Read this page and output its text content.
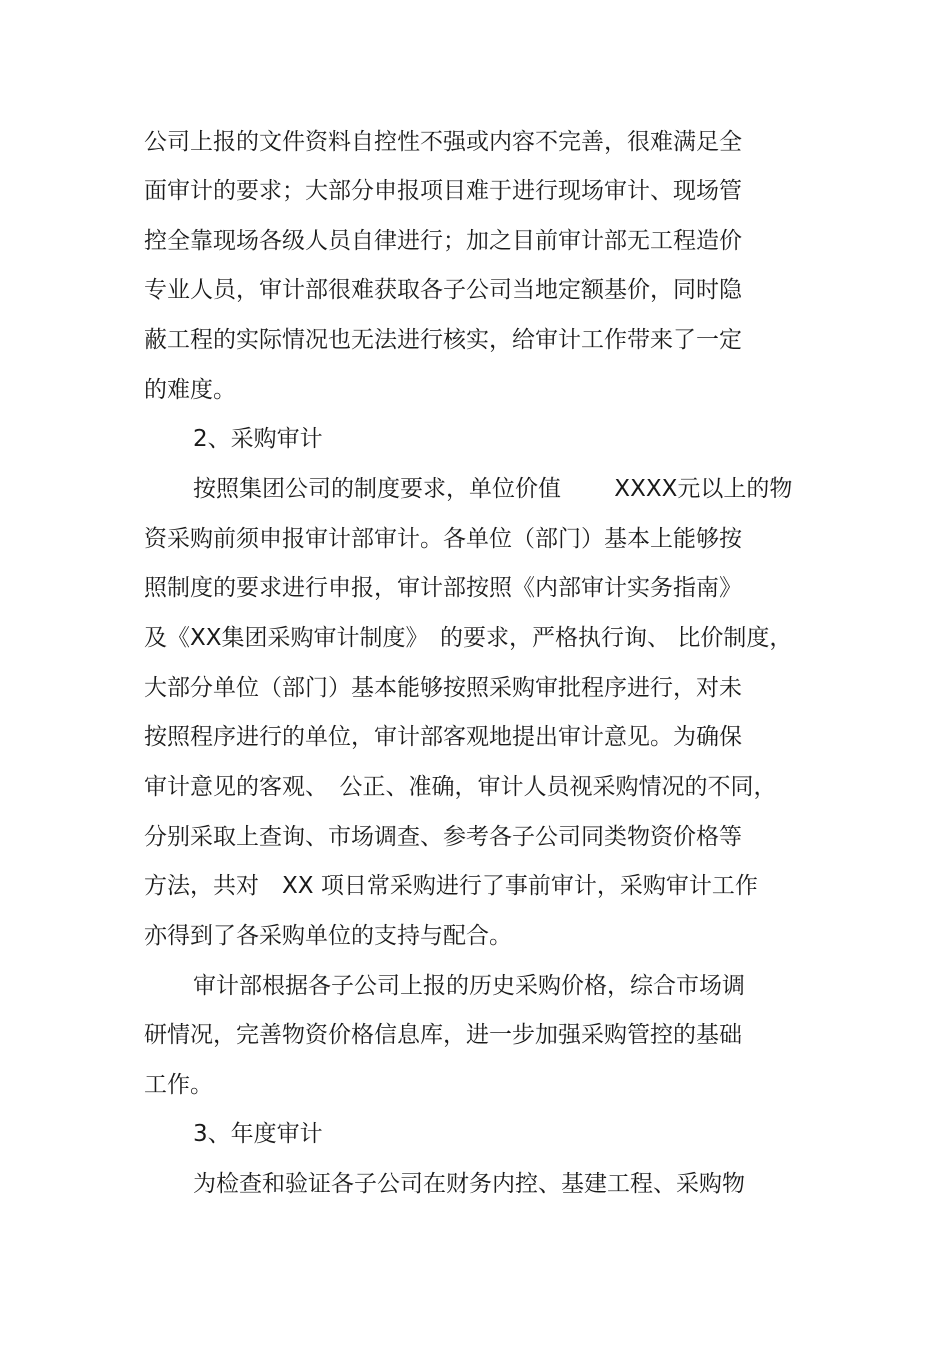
公司上报的文件资料自控性不强或内容不完善，很难满足全
面审计的要求；大部分申报项目难于进行现场审计、现场管
控全靠现场各级人员自律进行；加之目前审计部无工程造价
专业人员，审计部很难获取各子公司当地定额基价，同时隐
蔽工程的实际情况也无法进行核实，给审计工作带来了一定
的难度。
2、采购审计
按照集团公司的制度要求，单位价值　　 XXXX元以上的物
资采购前须申报审计部审计。各单位（部门）基本上能够按
照制度的要求进行申报，审计部按照《内部审计实务指南》
及《XX集团采购审计制度》　的要求，严格执行询、 比价制度，
大部分单位（部门）基本能够按照采购审批程序进行，对未
按照程序进行的单位，审计部客观地提出审计意见。为确保
审计意见的客观、　公正、准确，审计人员视采购情况的不同，
分别采取上查询、市场调查、参考各子公司同类物资价格等
方法，共对　XX 项日常采购进行了事前审计，采购审计工作
亦得到了各采购单位的支持与配合。
审计部根据各子公司上报的历史采购价格，综合市场调
研情况，完善物资价格信息库，进一步加强采购管控的基础
工作。
3、年度审计
为检查和验证各子公司在财务内控、基建工程、采购物
